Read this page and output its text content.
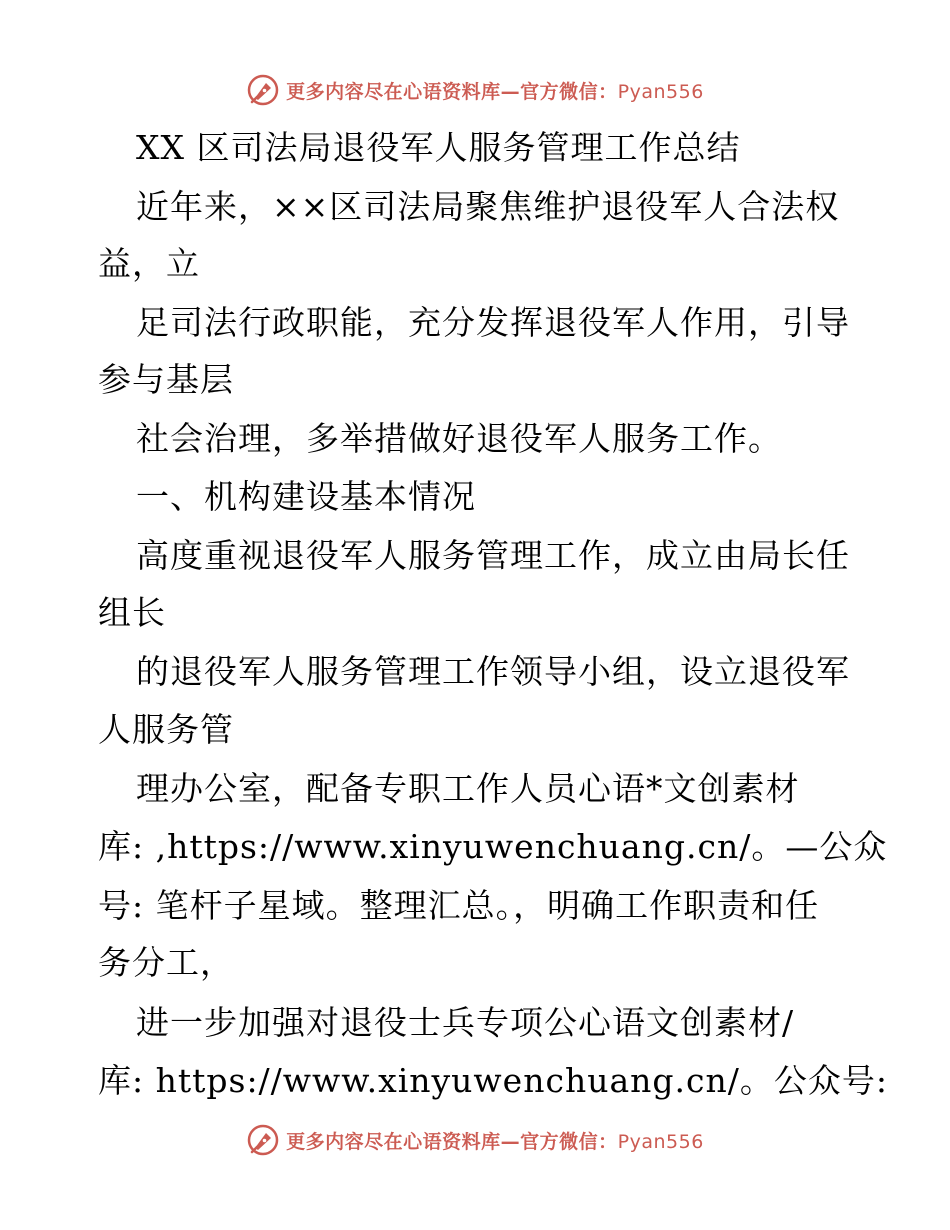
更多内容尽在心语资料库—官方微信：Pyan556
XX 区司法局退役军人服务管理工作总结
近年来，××区司法局聚焦维护退役军人合法权
益，立
足司法行政职能，充分发挥退役军人作用，引导
参与基层
社会治理，多举措做好退役军人服务工作。
一、机构建设基本情况
高度重视退役军人服务管理工作，成立由局长任
组长
的退役军人服务管理工作领导小组，设立退役军
人服务管
理办公室，配备专职工作人员心语*文创素材
库: ,https://www.xinyuwenchuang.cn/。—公众
号: 笔杆子星域。整理汇总。，明确工作职责和任
务分工，
进一步加强对退役士兵专项公心语文创素材/
库: https://www.xinyuwenchuang.cn/。公众号:
更多内容尽在心语资料库—官方微信：Pyan556
